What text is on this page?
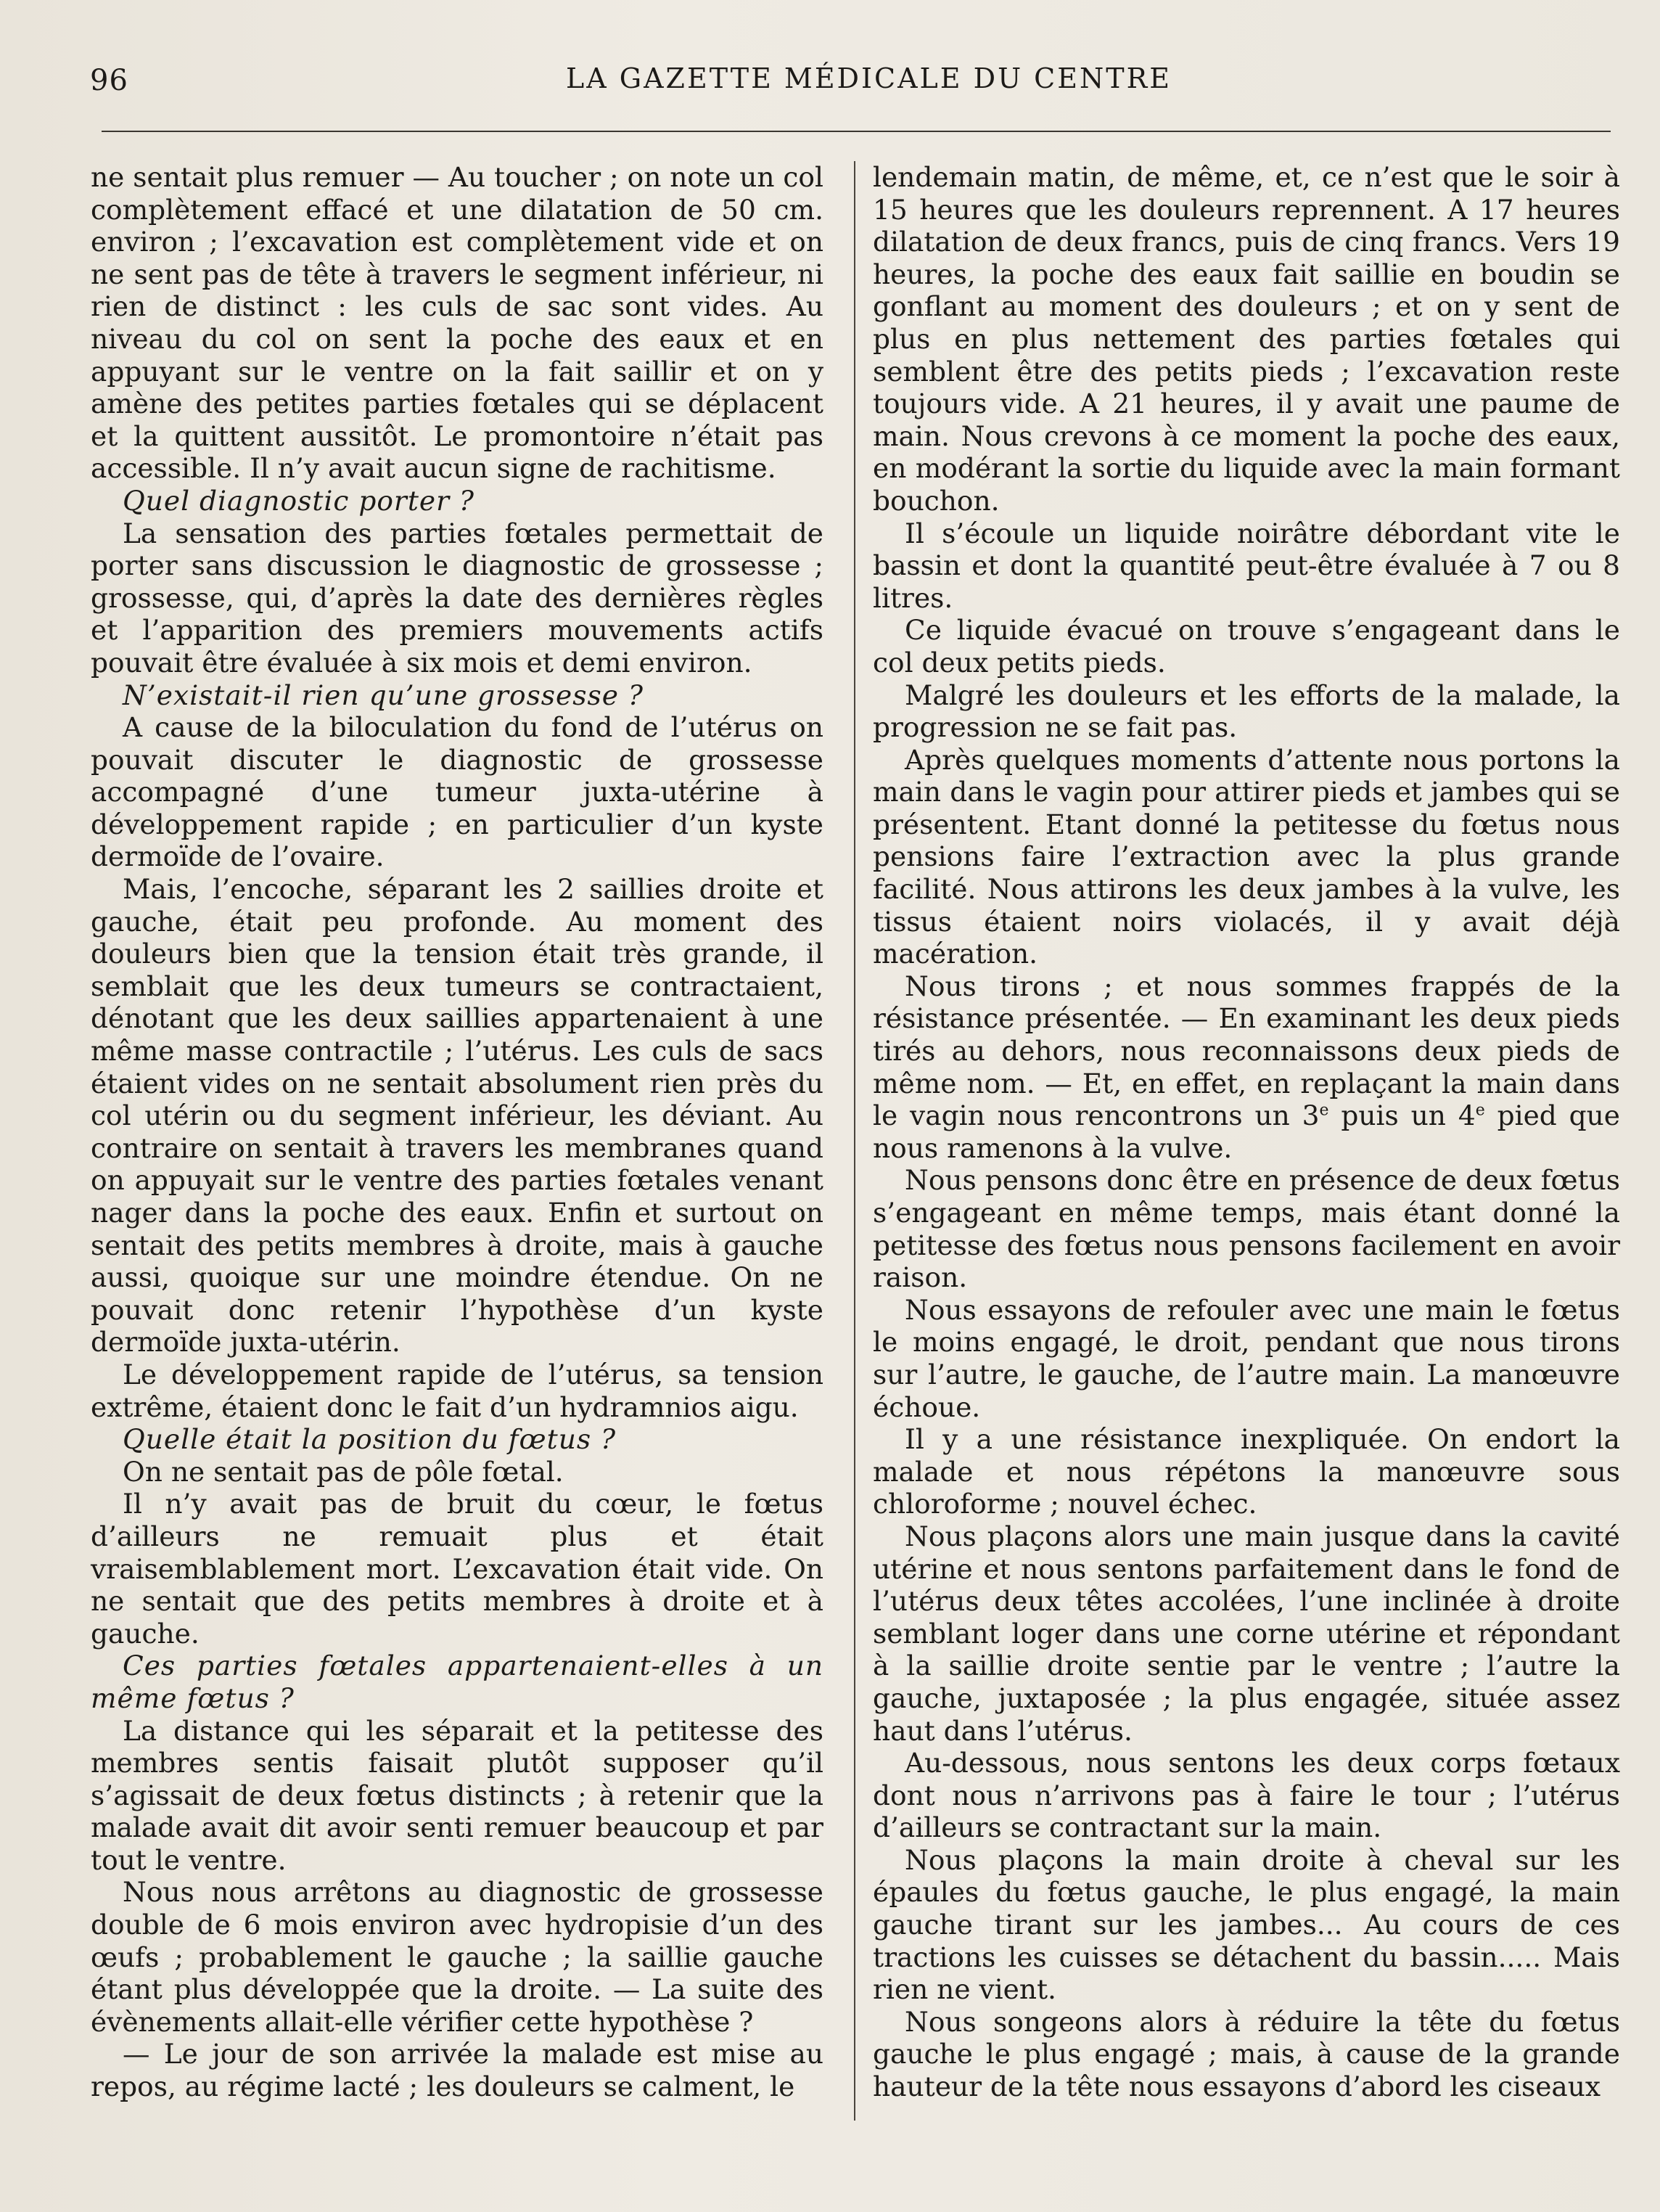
96	LA GAZETTE MÉDICALE DU CENTRE

ne sentait plus remuer — Au toucher ; on note un col complètement effacé et une dilatation de 50 cm. environ ; l’excavation est complètement vide et on ne sent pas de tête à travers le segment inférieur, ni rien de distinct : les culs de sac sont vides. Au niveau du col on sent la poche des eaux et en appuyant sur le ventre on la fait saillir et on y amène des petites parties fœtales qui se déplacent et la quittent aussitôt. Le promontoire n’était pas accessible. Il n’y avait aucun signe de rachitisme.

Quel diagnostic porter ?

La sensation des parties fœtales permettait de porter sans discussion le diagnostic de grossesse ; grossesse, qui, d’après la date des dernières règles et l’apparition des premiers mouvements actifs pouvait être évaluée à six mois et demi environ.

N’existait-il rien qu’une grossesse ?

A cause de la biloculation du fond de l’utérus on pouvait discuter le diagnostic de grossesse accompagné d’une tumeur juxta-utérine à développement rapide ; en particulier d’un kyste dermoïde de l’ovaire.

Mais, l’encoche, séparant les 2 saillies droite et gauche, était peu profonde. Au moment des douleurs bien que la tension était très grande, il semblait que les deux tumeurs se contractaient, dénotant que les deux saillies appartenaient à une même masse contractile ; l’utérus. Les culs de sacs étaient vides on ne sentait absolument rien près du col utérin ou du segment inférieur, les déviant. Au contraire on sentait à travers les membranes quand on appuyait sur le ventre des parties fœtales venant nager dans la poche des eaux. Enfin et surtout on sentait des petits membres à droite, mais à gauche aussi, quoique sur une moindre étendue. On ne pouvait donc retenir l’hypothèse d’un kyste dermoïde juxta-utérin.

Le développement rapide de l’utérus, sa tension extrême, étaient donc le fait d’un hydramnios aigu.

Quelle était la position du fœtus ?

On ne sentait pas de pôle fœtal.

Il n’y avait pas de bruit du cœur, le fœtus d’ailleurs ne remuait plus et était vraisemblablement mort. L’excavation était vide. On ne sentait que des petits membres à droite et à gauche.

Ces parties fœtales appartenaient-elles à un même fœtus ?

La distance qui les séparait et la petitesse des membres sentis faisait plutôt supposer qu’il s’agissait de deux fœtus distincts ; à retenir que la malade avait dit avoir senti remuer beaucoup et par tout le ventre.

Nous nous arrêtons au diagnostic de grossesse double de 6 mois environ avec hydropisie d’un des œufs ; probablement le gauche ; la saillie gauche étant plus développée que la droite. — La suite des évènements allait-elle vérifier cette hypothèse ?

— Le jour de son arrivée la malade est mise au repos, au régime lacté ; les douleurs se calment, le

lendemain matin, de même, et, ce n’est que le soir à 15 heures que les douleurs reprennent. A 17 heures dilatation de deux francs, puis de cinq francs. Vers 19 heures, la poche des eaux fait saillie en boudin se gonflant au moment des douleurs ; et on y sent de plus en plus nettement des parties fœtales qui semblent être des petits pieds ; l’excavation reste toujours vide. A 21 heures, il y avait une paume de main. Nous crevons à ce moment la poche des eaux, en modérant la sortie du liquide avec la main formant bouchon.

Il s’écoule un liquide noirâtre débordant vite le bassin et dont la quantité peut-être évaluée à 7 ou 8 litres.

Ce liquide évacué on trouve s’engageant dans le col deux petits pieds.

Malgré les douleurs et les efforts de la malade, la progression ne se fait pas.

Après quelques moments d’attente nous portons la main dans le vagin pour attirer pieds et jambes qui se présentent. Etant donné la petitesse du fœtus nous pensions faire l’extraction avec la plus grande facilité. Nous attirons les deux jambes à la vulve, les tissus étaient noirs violacés, il y avait déjà macération.

Nous tirons ; et nous sommes frappés de la résistance présentée. — En examinant les deux pieds tirés au dehors, nous reconnaissons deux pieds de même nom. — Et, en effet, en replaçant la main dans le vagin nous rencontrons un 3e puis un 4e pied que nous ramenons à la vulve.

Nous pensons donc être en présence de deux fœtus s’engageant en même temps, mais étant donné la petitesse des fœtus nous pensons facilement en avoir raison.

Nous essayons de refouler avec une main le fœtus le moins engagé, le droit, pendant que nous tirons sur l’autre, le gauche, de l’autre main. La manœuvre échoue.

Il y a une résistance inexpliquée. On endort la malade et nous répétons la manœuvre sous chloroforme ; nouvel échec.

Nous plaçons alors une main jusque dans la cavité utérine et nous sentons parfaitement dans le fond de l’utérus deux têtes accolées, l’une inclinée à droite semblant loger dans une corne utérine et répondant à la saillie droite sentie par le ventre ; l’autre la gauche, juxtaposée ; la plus engagée, située assez haut dans l’utérus.

Au-dessous, nous sentons les deux corps fœtaux dont nous n’arrivons pas à faire le tour ; l’utérus d’ailleurs se contractant sur la main.

Nous plaçons la main droite à cheval sur les épaules du fœtus gauche, le plus engagé, la main gauche tirant sur les jambes... Au cours de ces tractions les cuisses se détachent du bassin..... Mais rien ne vient.

Nous songeons alors à réduire la tête du fœtus gauche le plus engagé ; mais, à cause de la grande hauteur de la tête nous essayons d’abord les ciseaux
